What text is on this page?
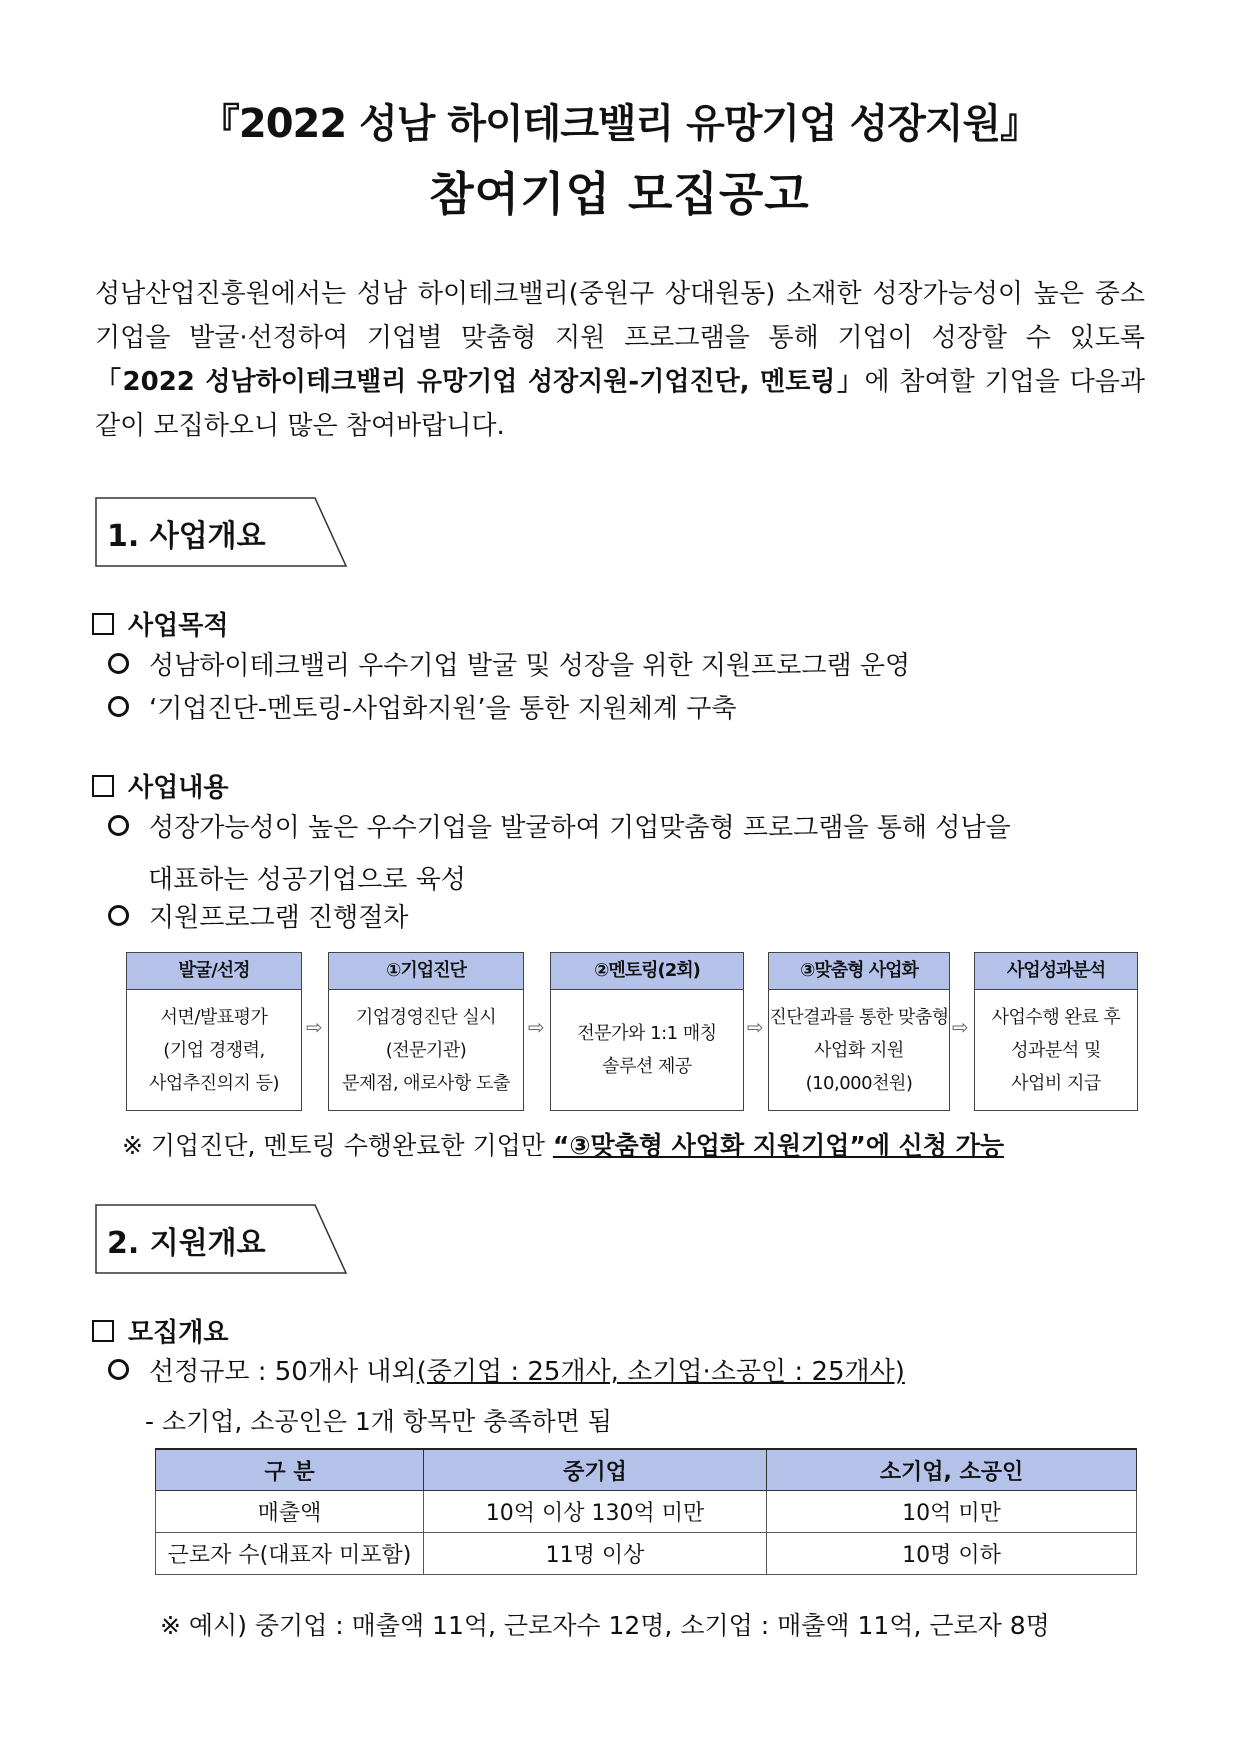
『2022 성남 하이테크밸리 유망기업 성장지원』
참여기업 모집공고
성남산업진흥원에서는 성남 하이테크밸리(중원구 상대원동) 소재한 성장가능성이 높은 중소기업을 발굴·선정하여 기업별 맞춤형 지원 프로그램을 통해 기업이 성장할 수 있도록 「2022 성남하이테크밸리 유망기업 성장지원-기업진단, 멘토링」에 참여할 기업을 다음과 같이 모집하오니 많은 참여바랍니다.
1. 사업개요
사업목적
성남하이테크밸리 우수기업 발굴 및 성장을 위한 지원프로그램 운영
‘기업진단-멘토링-사업화지원’을 통한 지원체계 구축
사업내용
성장가능성이 높은 우수기업을 발굴하여 기업맞춤형 프로그램을 통해 성남을
대표하는 성공기업으로 육성
지원프로그램 진행절차
발굴/선정
서면/발표평가
(기업 경쟁력,
사업추진의지 등)
⇨
①기업진단
기업경영진단 실시
(전문기관)
문제점, 애로사항 도출
⇨
②멘토링(2회)
전문가와 1:1 매칭
솔루션 제공
⇨
③맞춤형 사업화
진단결과를 통한 맞춤형
사업화 지원
(10,000천원)
⇨
사업성과분석
사업수행 완료 후
성과분석 및
사업비 지급
※ 기업진단, 멘토링 수행완료한 기업만 “③맞춤형 사업화 지원기업”에 신청 가능
2. 지원개요
모집개요
선정규모 : 50개사 내외(중기업 : 25개사, 소기업·소공인 : 25개사)
- 소기업, 소공인은 1개 항목만 충족하면 됨
구 분	중기업	소기업, 소공인
매출액	10억 이상 130억 미만	10억 미만
근로자 수(대표자 미포함)	11명 이상	10명 이하
※ 예시) 중기업 : 매출액 11억, 근로자수 12명, 소기업 : 매출액 11억, 근로자 8명
